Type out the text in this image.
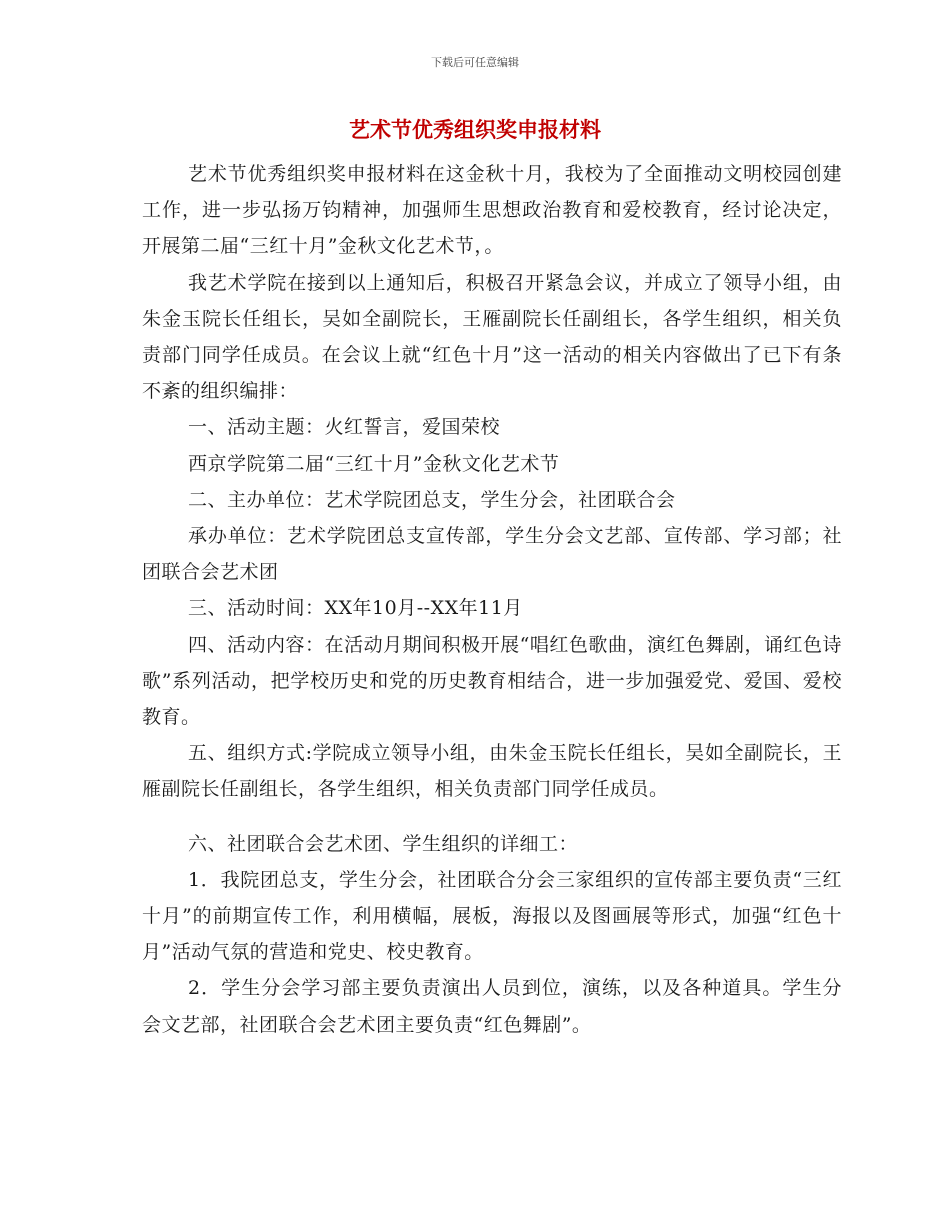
下载后可任意编辑
艺术节优秀组织奖申报材料

艺术节优秀组织奖申报材料在这金秋十月，我校为了全面推动文明校园创建工作，进一步弘扬万钧精神，加强师生思想政治教育和爱校教育，经讨论决定，开展第二届“三红十月”金秋文化艺术节，。

我艺术学院在接到以上通知后，积极召开紧急会议，并成立了领导小组，由朱金玉院长任组长，吴如全副院长，王雁副院长任副组长，各学生组织，相关负责部门同学任成员。在会议上就“红色十月”这一活动的相关内容做出了已下有条不紊的组织编排：

一、活动主题：火红誓言，爱国荣校

西京学院第二届“三红十月”金秋文化艺术节

二、主办单位：艺术学院团总支，学生分会，社团联合会

承办单位：艺术学院团总支宣传部，学生分会文艺部、宣传部、学习部；社团联合会艺术团

三、活动时间：XX年10月--XX年11月

四、活动内容：在活动月期间积极开展“唱红色歌曲，演红色舞剧，诵红色诗歌”系列活动，把学校历史和党的历史教育相结合，进一步加强爱党、爱国、爱校教育。

五、组织方式:学院成立领导小组，由朱金玉院长任组长，吴如全副院长，王雁副院长任副组长，各学生组织，相关负责部门同学任成员。

六、社团联合会艺术团、学生组织的详细工：

1．我院团总支，学生分会，社团联合分会三家组织的宣传部主要负责“三红十月”的前期宣传工作，利用横幅，展板，海报以及图画展等形式，加强“红色十月”活动气氛的营造和党史、校史教育。

2．学生分会学习部主要负责演出人员到位，演练，以及各种道具。学生分会文艺部，社团联合会艺术团主要负责“红色舞剧”。
